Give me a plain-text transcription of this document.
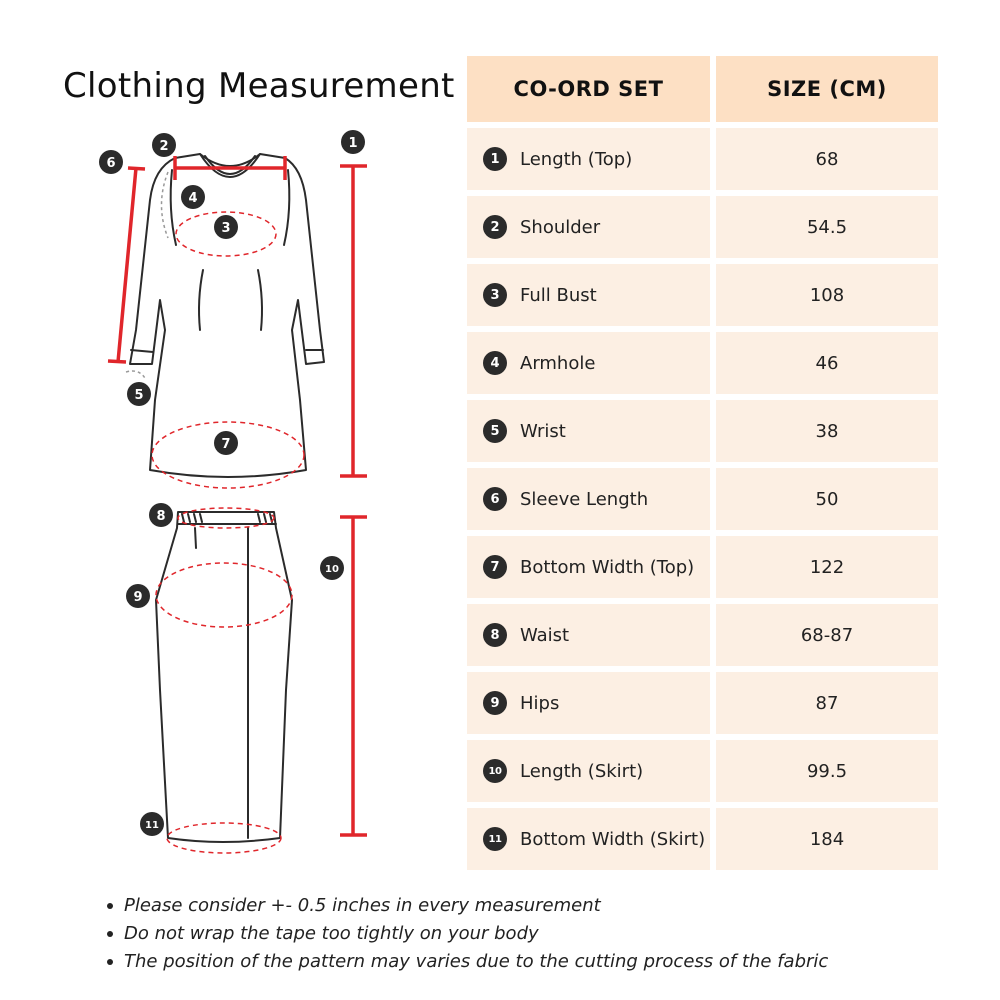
Clothing Measurement
1
2
3
4
5
6
7
8
9
10
11
CO-ORD SET	SIZE (CM)
1	Length (Top)	68
2	Shoulder	54.5
3	Full Bust	108
4	Armhole	46
5	Wrist	38
6	Sleeve Length	50
7	Bottom Width (Top)	122
8	Waist	68-87
9	Hips	87
10	Length (Skirt)	99.5
11	Bottom Width (Skirt)	184
Please consider +- 0.5 inches in every measurement
Do not wrap the tape too tightly on your body
The position of the pattern may varies due to the cutting process of the fabric
